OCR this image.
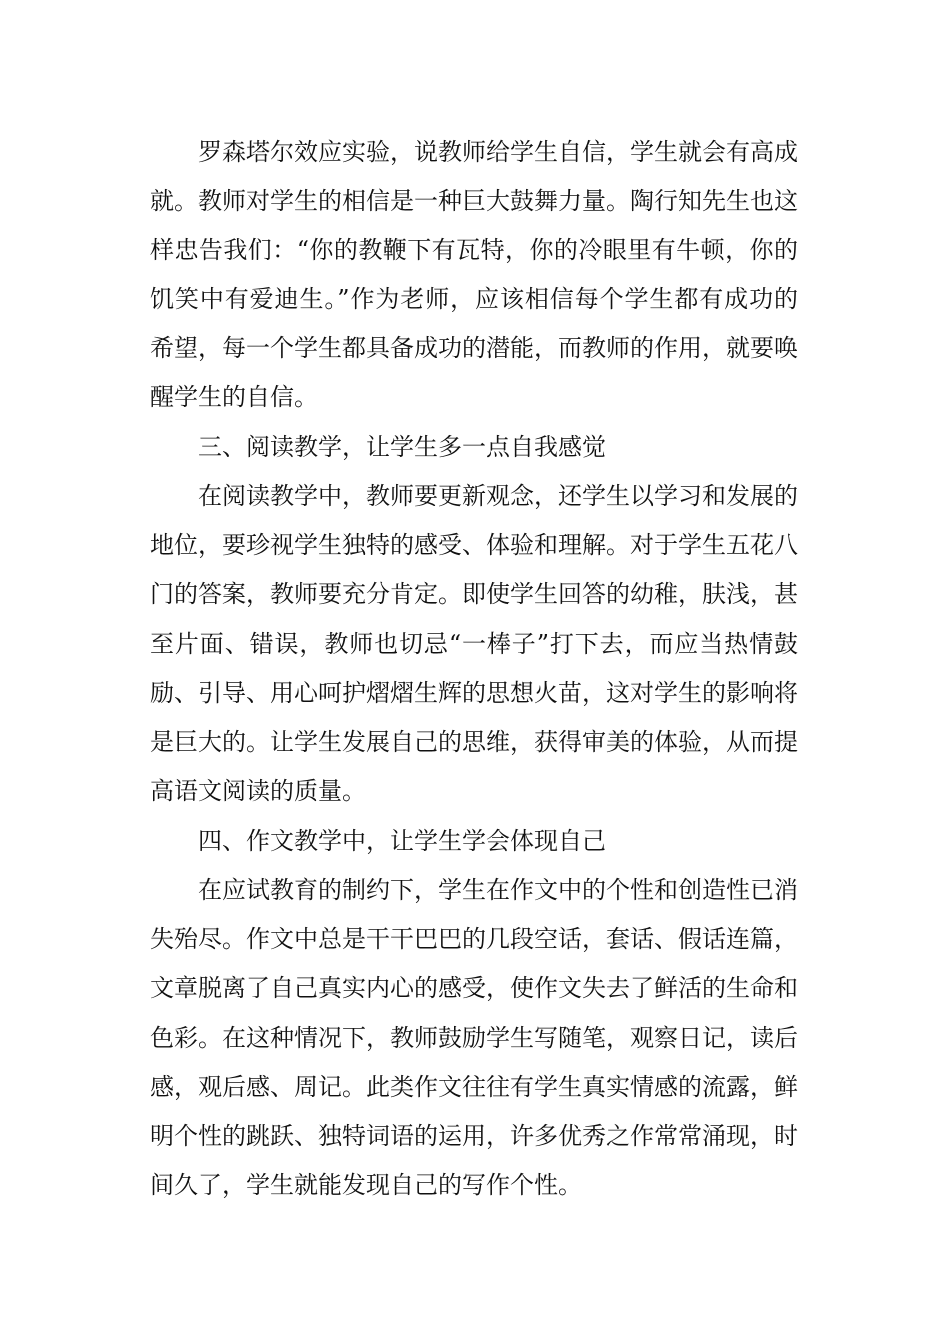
罗森塔尔效应实验，说教师给学生自信，学生就会有高成
就。教师对学生的相信是一种巨大鼓舞力量。陶行知先生也这
样忠告我们：“你的教鞭下有瓦特，你的冷眼里有牛顿，你的
饥笑中有爱迪生。”作为老师，应该相信每个学生都有成功的
希望，每一个学生都具备成功的潜能，而教师的作用，就要唤
醒学生的自信。
三、阅读教学，让学生多一点自我感觉
在阅读教学中，教师要更新观念，还学生以学习和发展的
地位，要珍视学生独特的感受、体验和理解。对于学生五花八
门的答案，教师要充分肯定。即使学生回答的幼稚，肤浅，甚
至片面、错误，教师也切忌“一棒子”打下去，而应当热情鼓
励、引导、用心呵护熠熠生辉的思想火苗，这对学生的影响将
是巨大的。让学生发展自己的思维，获得审美的体验，从而提
高语文阅读的质量。
四、作文教学中，让学生学会体现自己
在应试教育的制约下，学生在作文中的个性和创造性已消
失殆尽。作文中总是干干巴巴的几段空话，套话、假话连篇，
文章脱离了自己真实内心的感受，使作文失去了鲜活的生命和
色彩。在这种情况下，教师鼓励学生写随笔，观察日记，读后
感，观后感、周记。此类作文往往有学生真实情感的流露，鲜
明个性的跳跃、独特词语的运用，许多优秀之作常常涌现，时
间久了，学生就能发现自己的写作个性。
